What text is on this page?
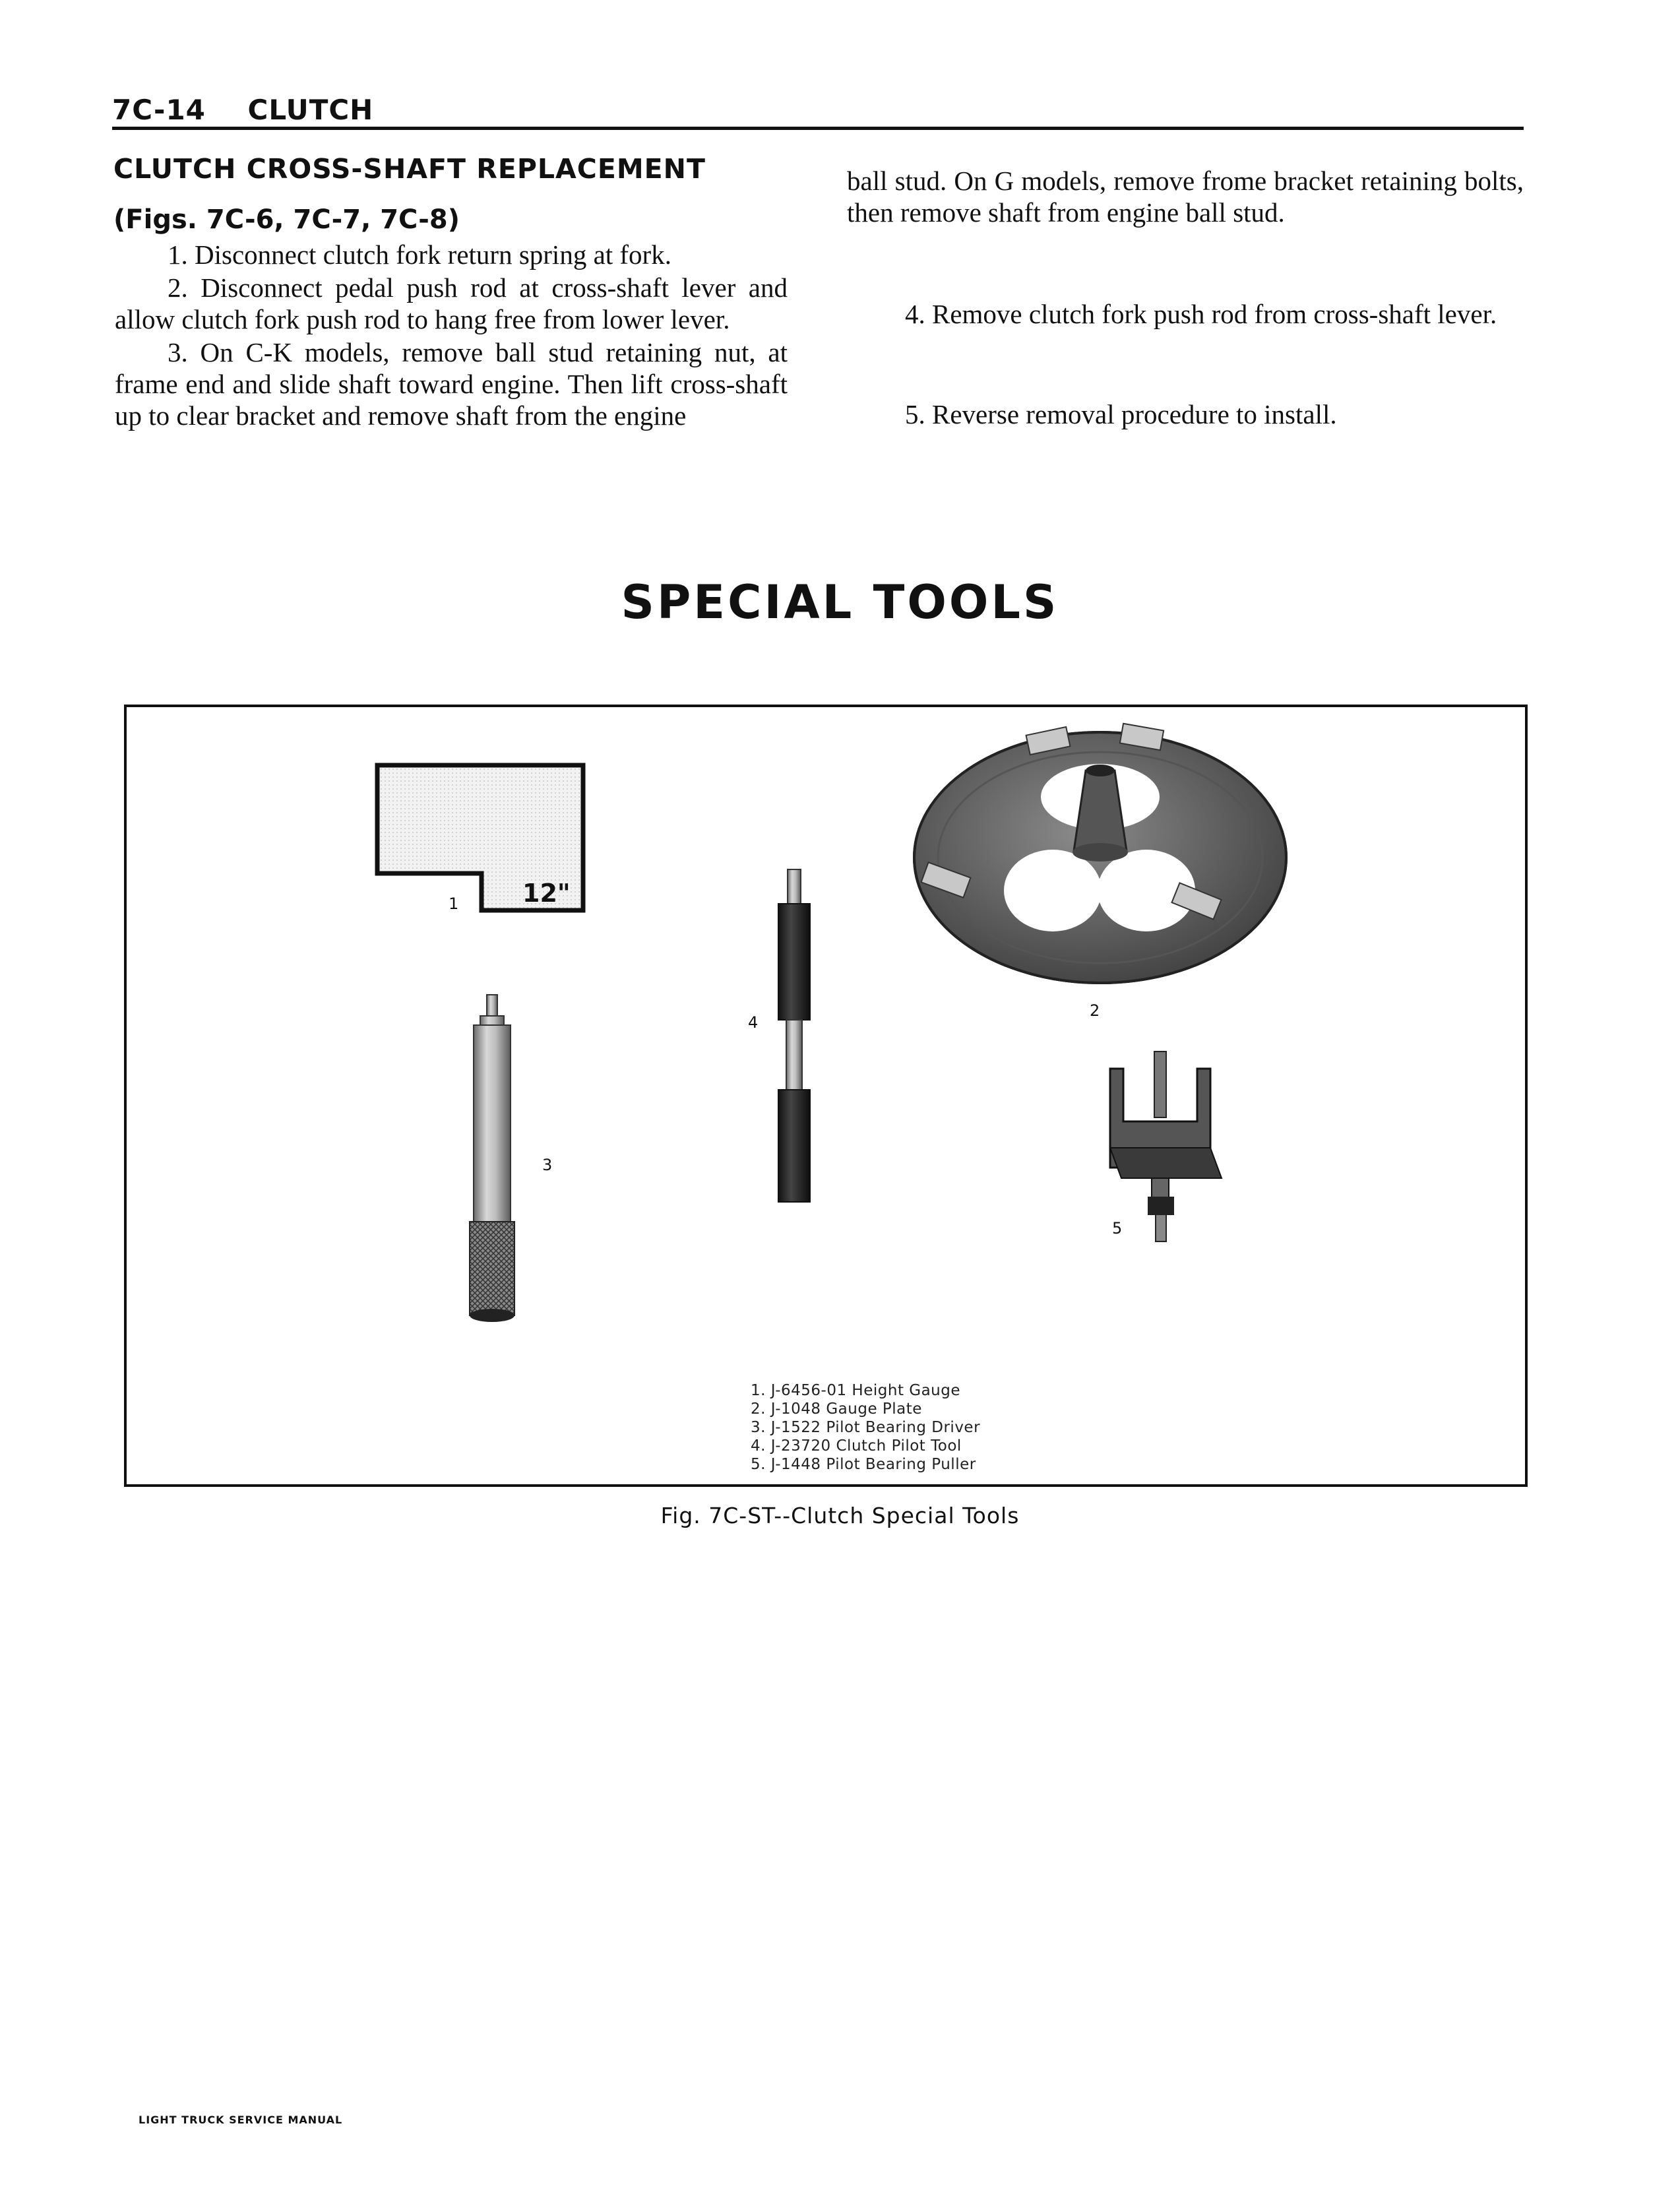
7C-14 CLUTCH
CLUTCH CROSS-SHAFT REPLACEMENT
(Figs. 7C-6, 7C-7, 7C-8)

1. Disconnect clutch fork return spring at fork.

2. Disconnect pedal push rod at cross-shaft lever and allow clutch fork push rod to hang free from lower lever.

3. On C-K models, remove ball stud retaining nut, at frame end and slide shaft toward engine. Then lift cross-shaft up to clear bracket and remove shaft from the engine

ball stud. On G models, remove frome bracket retaining bolts, then remove shaft from engine ball stud.

4. Remove clutch fork push rod from cross-shaft lever.
5. Reverse removal procedure to install.
SPECIAL TOOLS
12"
1
2
3
4
5
1. J-6456-01 Height Gauge
2. J-1048 Gauge Plate
3. J-1522 Pilot Bearing Driver
4. J-23720 Clutch Pilot Tool
5. J-1448 Pilot Bearing Puller
Fig. 7C-ST--Clutch Special Tools
LIGHT TRUCK SERVICE MANUAL
